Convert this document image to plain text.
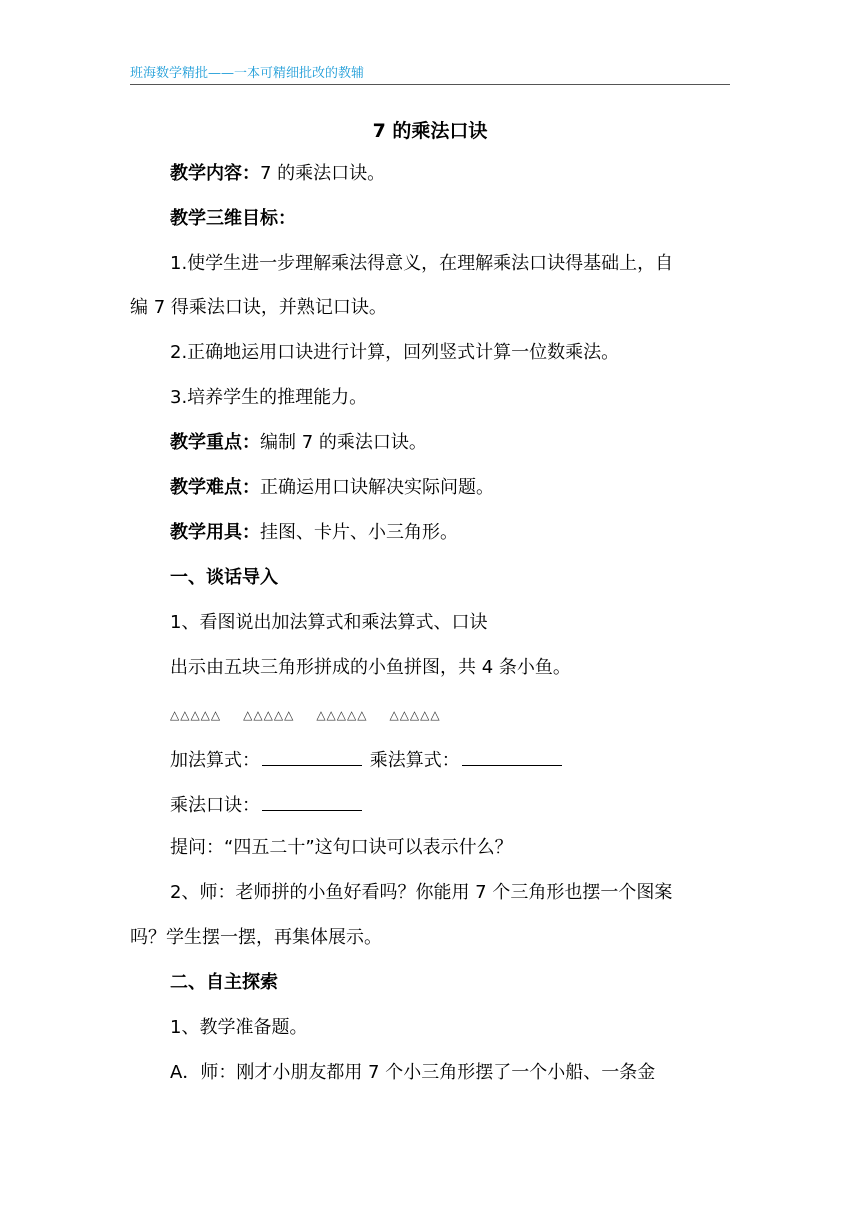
班海数学精批——一本可精细批改的教辅
7 的乘法口诀
教学内容：7 的乘法口诀。
教学三维目标：
1.使学生进一步理解乘法得意义，在理解乘法口诀得基础上，自
编 7 得乘法口诀，并熟记口诀。
2.正确地运用口诀进行计算，回列竖式计算一位数乘法。
3.培养学生的推理能力。
教学重点：编制 7 的乘法口诀。
教学难点：正确运用口诀解决实际问题。
教学用具：挂图、卡片、小三角形。
一、谈话导入
1、看图说出加法算式和乘法算式、口诀
出示由五块三角形拼成的小鱼拼图，共 4 条小鱼。
△△△△△ △△△△△ △△△△△ △△△△△
加法算式：	乘法算式：
乘法口诀：
提问：“四五二十”这句口诀可以表示什么？
2、师：老师拼的小鱼好看吗？你能用 7 个三角形也摆一个图案
吗？学生摆一摆，再集体展示。
二、自主探索
1、教学准备题。
A．师：刚才小朋友都用 7 个小三角形摆了一个小船、一条金
